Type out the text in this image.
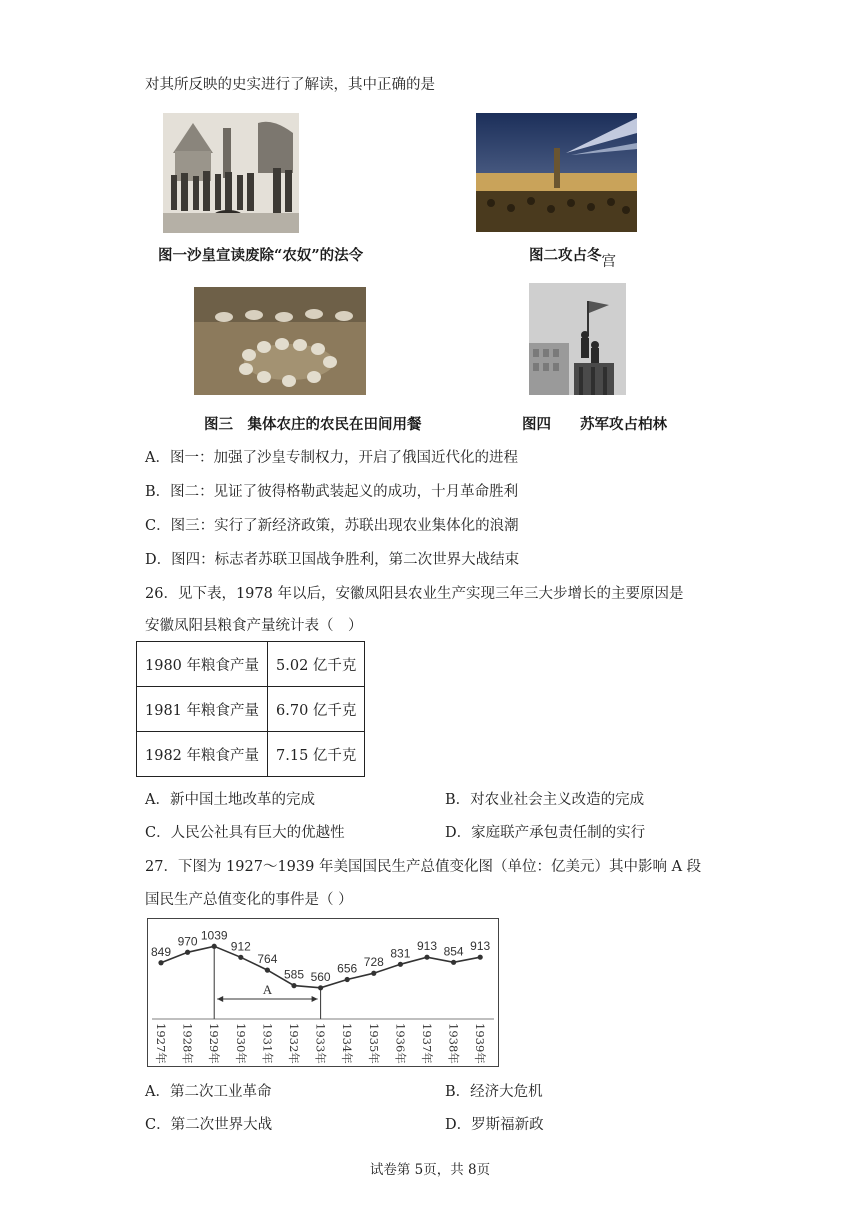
对其所反映的史实进行了解读，其中正确的是
图一沙皇宣读废除“农奴”的法令	图二攻占冬宫
图三　集体农庄的农民在田间用餐	图四　　苏军攻占柏林
A．图一：加强了沙皇专制权力，开启了俄国近代化的进程
B．图二：见证了彼得格勒武装起义的成功，十月革命胜利
C．图三：实行了新经济政策，苏联出现农业集体化的浪潮
D．图四：标志者苏联卫国战争胜利，第二次世界大战结束
26．见下表，1978 年以后，安徽凤阳县农业生产实现三年三大步增长的主要原因是
安徽凤阳县粮食产量统计表（　）
1980 年粮食产量	5.02 亿千克
1981 年粮食产量	6.70 亿千克
1982 年粮食产量	7.15 亿千克
A．新中国土地改革的完成	B．对农业社会主义改造的完成
C．人民公社具有巨大的优越性	D．家庭联产承包责任制的实行
27．下图为 1927～1939 年美国国民生产总值变化图（单位：亿美元）其中影响 A 段
国民生产总值变化的事件是（ ）
849
970 1039
912
764
585 560
656 728
831
913 854 913
A
1927年 1928年 1929年 1930年 1931年 1932年 1933年 1934年 1935年 1936年 1937年 1938年 1939年
A．第二次工业革命	B．经济大危机
C．第二次世界大战	D．罗斯福新政
试卷第 5页，共 8页
